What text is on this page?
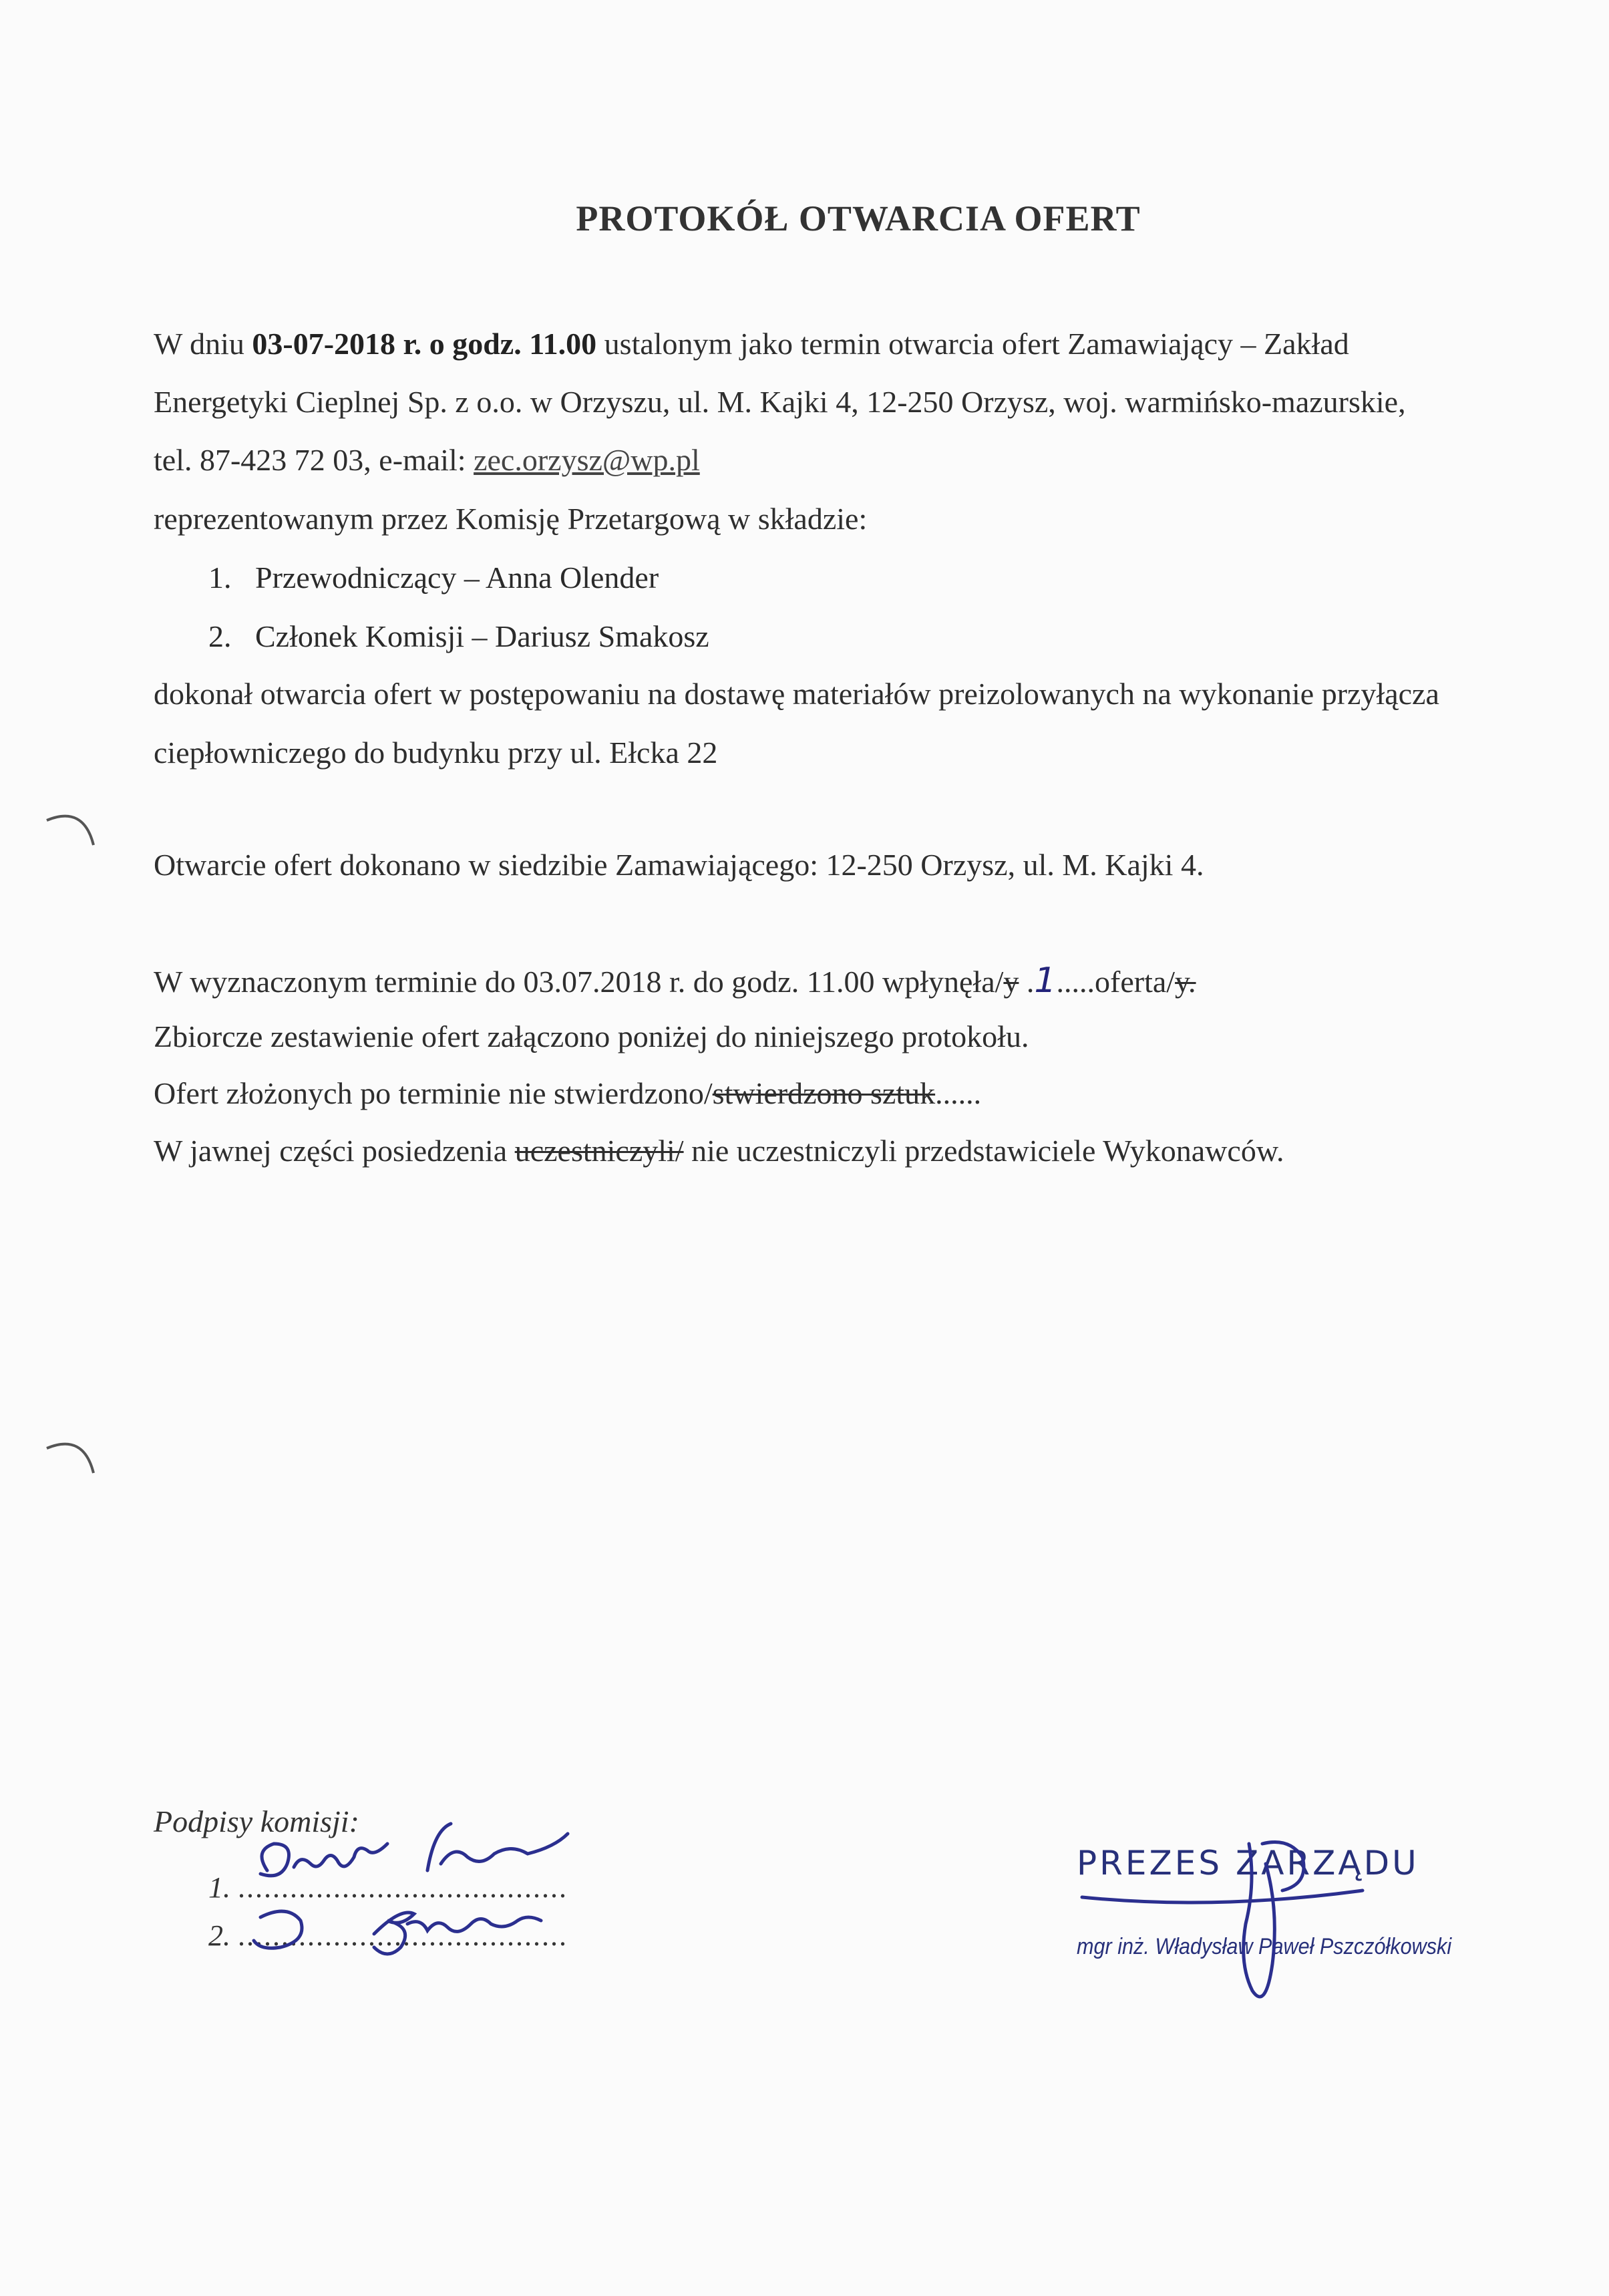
PROTOKÓŁ OTWARCIA OFERT
W dniu 03-07-2018 r. o godz. 11.00 ustalonym jako termin otwarcia ofert Zamawiający – Zakład
Energetyki Cieplnej Sp. z o.o. w Orzyszu, ul. M. Kajki 4, 12-250 Orzysz, woj. warmińsko-mazurskie,
tel. 87-423 72 03, e-mail: zec.orzysz@wp.pl
reprezentowanym przez Komisję Przetargową w składzie:
1. Przewodniczący – Anna Olender
2. Członek Komisji – Dariusz Smakosz
dokonał otwarcia ofert w postępowaniu na dostawę materiałów preizolowanych na wykonanie przyłącza
ciepłowniczego do budynku przy ul. Ełcka 22
Otwarcie ofert dokonano w siedzibie Zamawiającego: 12-250 Orzysz, ul. M. Kajki 4.
W wyznaczonym terminie do 03.07.2018 r. do godz. 11.00 wpłynęła/y .1.....oferta/y.
Zbiorcze zestawienie ofert załączono poniżej do niniejszego protokołu.
Ofert złożonych po terminie nie stwierdzono/stwierdzono sztuk......
W jawnej części posiedzenia uczestniczyli/ nie uczestniczyli przedstawiciele Wykonawców.
Podpisy komisji:
1. ......................................
2. ......................................
PREZES ZARZĄDU
mgr inż. Władysław Paweł Pszczółkowski
